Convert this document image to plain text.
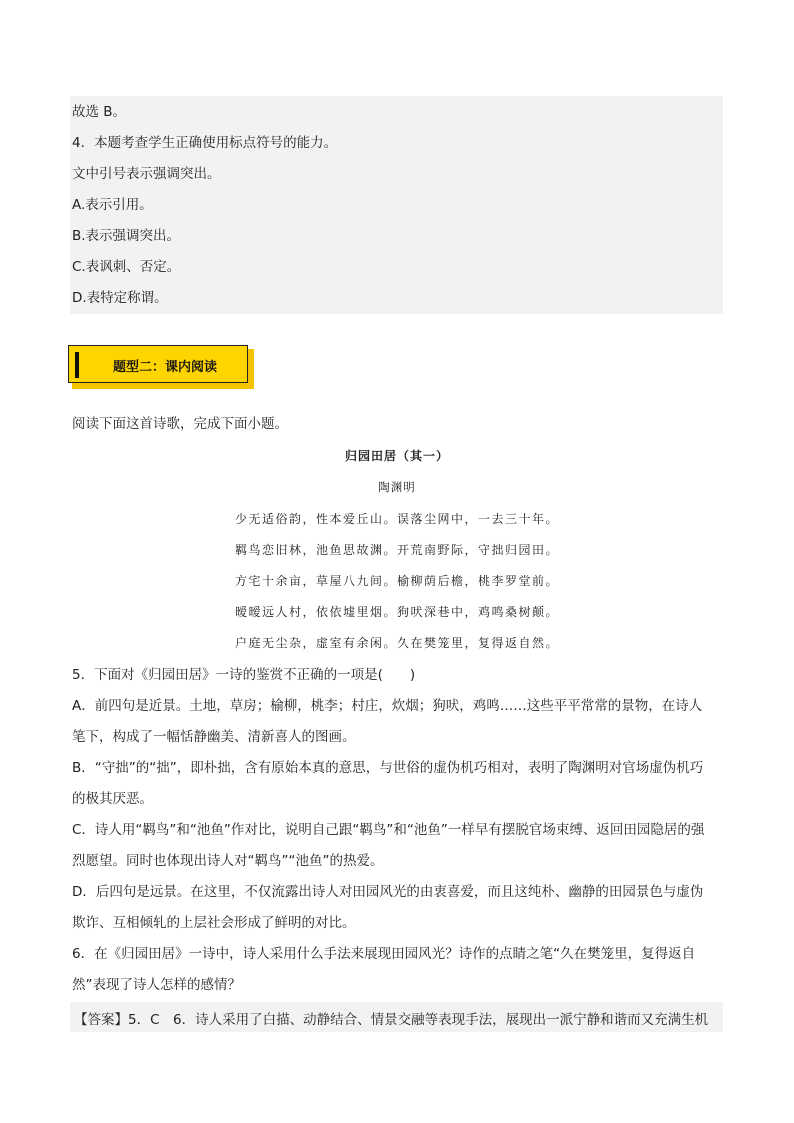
故选 B。
4．本题考查学生正确使用标点符号的能力。
文中引号表示强调突出。
A.表示引用。
B.表示强调突出。
C.表讽刺、否定。
D.表特定称谓。
题型二：课内阅读
阅读下面这首诗歌，完成下面小题。
归园田居（其一）
陶渊明
少无适俗韵，性本爱丘山。误落尘网中，一去三十年。
羁鸟恋旧林，池鱼思故渊。开荒南野际，守拙归园田。
方宅十余亩，草屋八九间。榆柳荫后檐，桃李罗堂前。
暧暧远人村，依依墟里烟。狗吠深巷中，鸡鸣桑树颠。
户庭无尘杂，虚室有余闲。久在樊笼里，复得返自然。
5．下面对《归园田居》一诗的鉴赏不正确的一项是(　　)
A．前四句是近景。土地，草房；榆柳，桃李；村庄，炊烟；狗吠，鸡鸣……这些平平常常的景物，在诗人
笔下，构成了一幅恬静幽美、清新喜人的图画。
B．“守拙”的“拙”，即朴拙，含有原始本真的意思，与世俗的虚伪机巧相对，表明了陶渊明对官场虚伪机巧
的极其厌恶。
C．诗人用“羁鸟”和“池鱼”作对比，说明自己跟“羁鸟”和“池鱼”一样早有摆脱官场束缚、返回田园隐居的强
烈愿望。同时也体现出诗人对“羁鸟”“池鱼”的热爱。
D．后四句是远景。在这里，不仅流露出诗人对田园风光的由衷喜爱，而且这纯朴、幽静的田园景色与虚伪
欺诈、互相倾轧的上层社会形成了鲜明的对比。
6．在《归园田居》一诗中，诗人采用什么手法来展现田园风光？诗作的点睛之笔“久在樊笼里，复得返自
然”表现了诗人怎样的感情？
【答案】5．C　6．诗人采用了白描、动静结合、情景交融等表现手法，展现出一派宁静和谐而又充满生机
